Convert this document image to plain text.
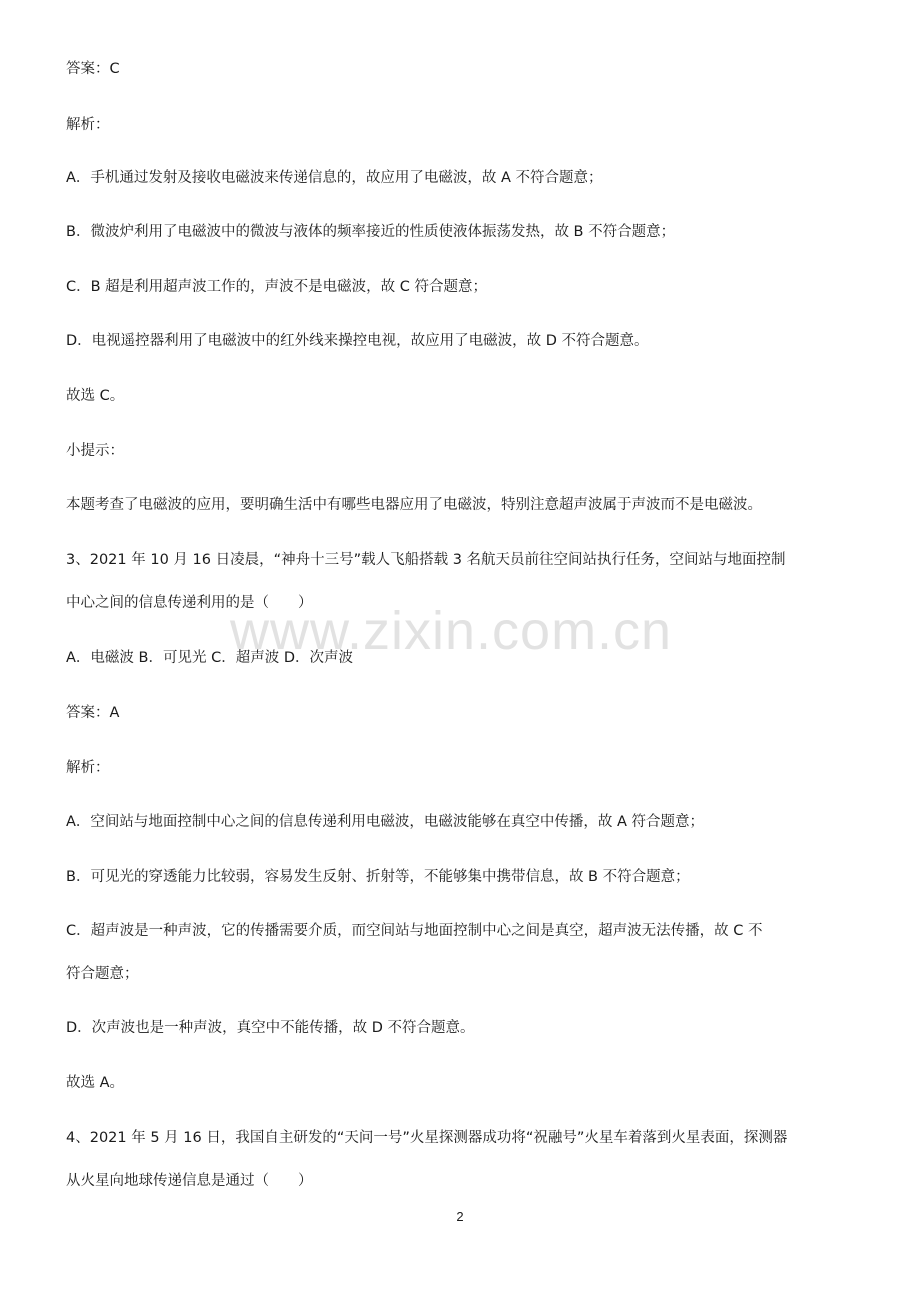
www.zixin.com.cn
答案：C
解析：
A．手机通过发射及接收电磁波来传递信息的，故应用了电磁波，故 A 不符合题意；
B．微波炉利用了电磁波中的微波与液体的频率接近的性质使液体振荡发热，故 B 不符合题意；
C．B 超是利用超声波工作的，声波不是电磁波，故 C 符合题意；
D．电视遥控器利用了电磁波中的红外线来操控电视，故应用了电磁波，故 D 不符合题意。
故选 C。
小提示：
本题考查了电磁波的应用，要明确生活中有哪些电器应用了电磁波，特别注意超声波属于声波而不是电磁波。
3、2021 年 10 月 16 日凌晨，“神舟十三号”载人飞船搭载 3 名航天员前往空间站执行任务，空间站与地面控制
中心之间的信息传递利用的是（　　）
A．电磁波 B．可见光 C．超声波 D．次声波
答案：A
解析：
A．空间站与地面控制中心之间的信息传递利用电磁波，电磁波能够在真空中传播，故 A 符合题意；
B．可见光的穿透能力比较弱，容易发生反射、折射等，不能够集中携带信息，故 B 不符合题意；
C．超声波是一种声波，它的传播需要介质，而空间站与地面控制中心之间是真空，超声波无法传播，故 C 不
符合题意；
D．次声波也是一种声波，真空中不能传播，故 D 不符合题意。
故选 A。
4、2021 年 5 月 16 日，我国自主研发的“天问一号”火星探测器成功将“祝融号”火星车着落到火星表面，探测器
从火星向地球传递信息是通过（　　）
2
